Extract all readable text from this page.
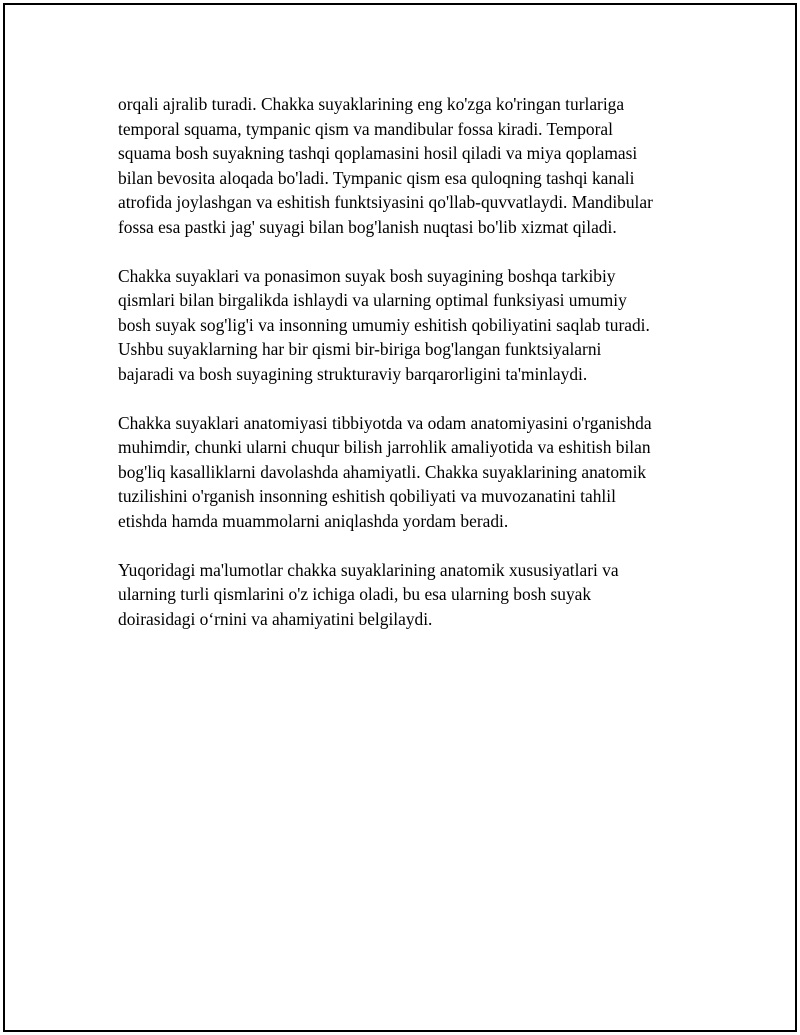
orqali ajralib turadi. Chakka suyaklarining eng ko'zga ko'ringan turlariga
temporal squama, tympanic qism va mandibular fossa kiradi. Temporal
squama bosh suyakning tashqi qoplamasini hosil qiladi va miya qoplamasi
bilan bevosita aloqada bo'ladi. Tympanic qism esa quloqning tashqi kanali
atrofida joylashgan va eshitish funktsiyasini qo'llab-quvvatlaydi. Mandibular
fossa esa pastki jag' suyagi bilan bog'lanish nuqtasi bo'lib xizmat qiladi.

Chakka suyaklari va ponasimon suyak bosh suyagining boshqa tarkibiy
qismlari bilan birgalikda ishlaydi va ularning optimal funksiyasi umumiy
bosh suyak sog'lig'i va insonning umumiy eshitish qobiliyatini saqlab turadi.
Ushbu suyaklarning har bir qismi bir-biriga bog'langan funktsiyalarni
bajaradi va bosh suyagining strukturaviy barqarorligini ta'minlaydi.

Chakka suyaklari anatomiyasi tibbiyotda va odam anatomiyasini o'rganishda
muhimdir, chunki ularni chuqur bilish jarrohlik amaliyotida va eshitish bilan
bog'liq kasalliklarni davolashda ahamiyatli. Chakka suyaklarining anatomik
tuzilishini o'rganish insonning eshitish qobiliyati va muvozanatini tahlil
etishda hamda muammolarni aniqlashda yordam beradi.

Yuqoridagi ma'lumotlar chakka suyaklarining anatomik xususiyatlari va
ularning turli qismlarini o'z ichiga oladi, bu esa ularning bosh suyak
doirasidagi o‘rnini va ahamiyatini belgilaydi.
